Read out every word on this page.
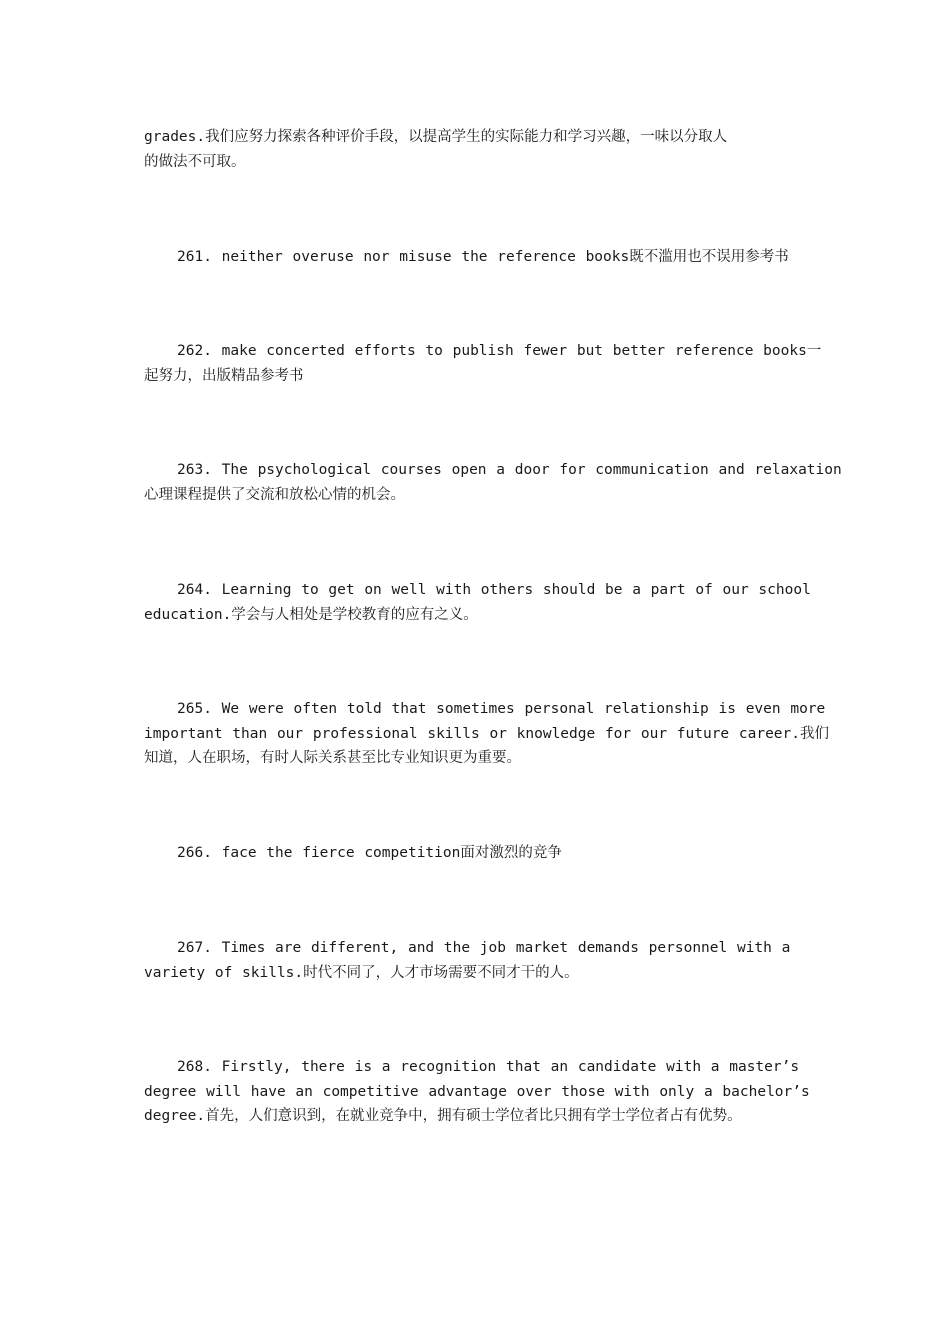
grades.我们应努力探索各种评价手段，以提高学生的实际能力和学习兴趣，一味以分取人
的做法不可取。
261. neither overuse nor misuse the reference books既不滥用也不误用参考书
262. make concerted efforts to publish fewer but better reference books一
起努力，出版精品参考书
263. The psychological courses open a door for communication and relaxation
心理课程提供了交流和放松心情的机会。
264. Learning to get on well with others should be a part of our school
education.学会与人相处是学校教育的应有之义。
265. We were often told that sometimes personal relationship is even more
important than our professional skills or knowledge for our future career.我们
知道，人在职场，有时人际关系甚至比专业知识更为重要。
266. face the fierce competition面对激烈的竞争
267. Times are different, and the job market demands personnel with a
variety of skills.时代不同了，人才市场需要不同才干的人。
268. Firstly, there is a recognition that an candidate with a master’s
degree will have an competitive advantage over those with only a bachelor’s
degree.首先，人们意识到，在就业竞争中，拥有硕士学位者比只拥有学士学位者占有优势。
